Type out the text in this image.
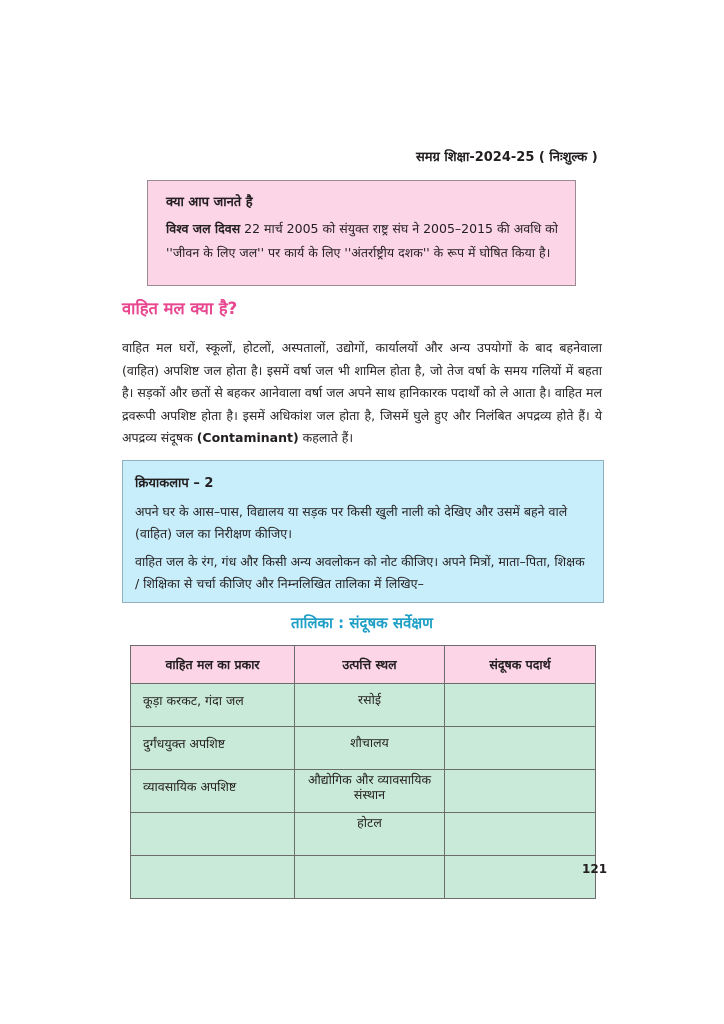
समग्र शिक्षा-2024-25 ( निःशुल्क )
क्या आप जानते है
विश्व जल दिवस 22 मार्च 2005 को संयुक्त राष्ट्र संघ ने 2005–2015 की अवधि को ''जीवन के लिए जल'' पर कार्य के लिए ''अंतर्राष्ट्रीय दशक'' के रूप में घोषित किया है।
वाहित मल क्या है?
वाहित मल घरों, स्कूलों, होटलों, अस्पतालों, उद्योगों, कार्यालयों और अन्य उपयोगों के बाद बहनेवाला (वाहित) अपशिष्ट जल होता है। इसमें वर्षा जल भी शामिल होता है, जो तेज वर्षा के समय गलियों में बहता है। सड़कों और छतों से बहकर आनेवाला वर्षा जल अपने साथ हानिकारक पदार्थों को ले आता है। वाहित मल द्रवरूपी अपशिष्ट होता है। इसमें अधिकांश जल होता है, जिसमें घुले हुए और निलंबित अपद्रव्य होते हैं। ये अपद्रव्य संदूषक (Contaminant) कहलाते हैं।
क्रियाकलाप – 2

अपने घर के आस–पास, विद्यालय या सड़क पर किसी खुली नाली को देखिए और उसमें बहने वाले (वाहित) जल का निरीक्षण कीजिए।

वाहित जल के रंग, गंध और किसी अन्य अवलोकन को नोट कीजिए। अपने मित्रों, माता–पिता, शिक्षक / शिक्षिका से चर्चा कीजिए और निम्नलिखित तालिका में लिखिए–

तालिका : संदूषक सर्वेक्षण
वाहित मल का प्रकार	उत्पत्ति स्थल	संदूषक पदार्थ
कूड़ा करकट, गंदा जल	रसोई	
दुर्गंधयुक्त अपशिष्ट	शौचालय	
व्यावसायिक अपशिष्ट	औद्योगिक और व्यावसायिक संस्थान	
	होटल	

121
